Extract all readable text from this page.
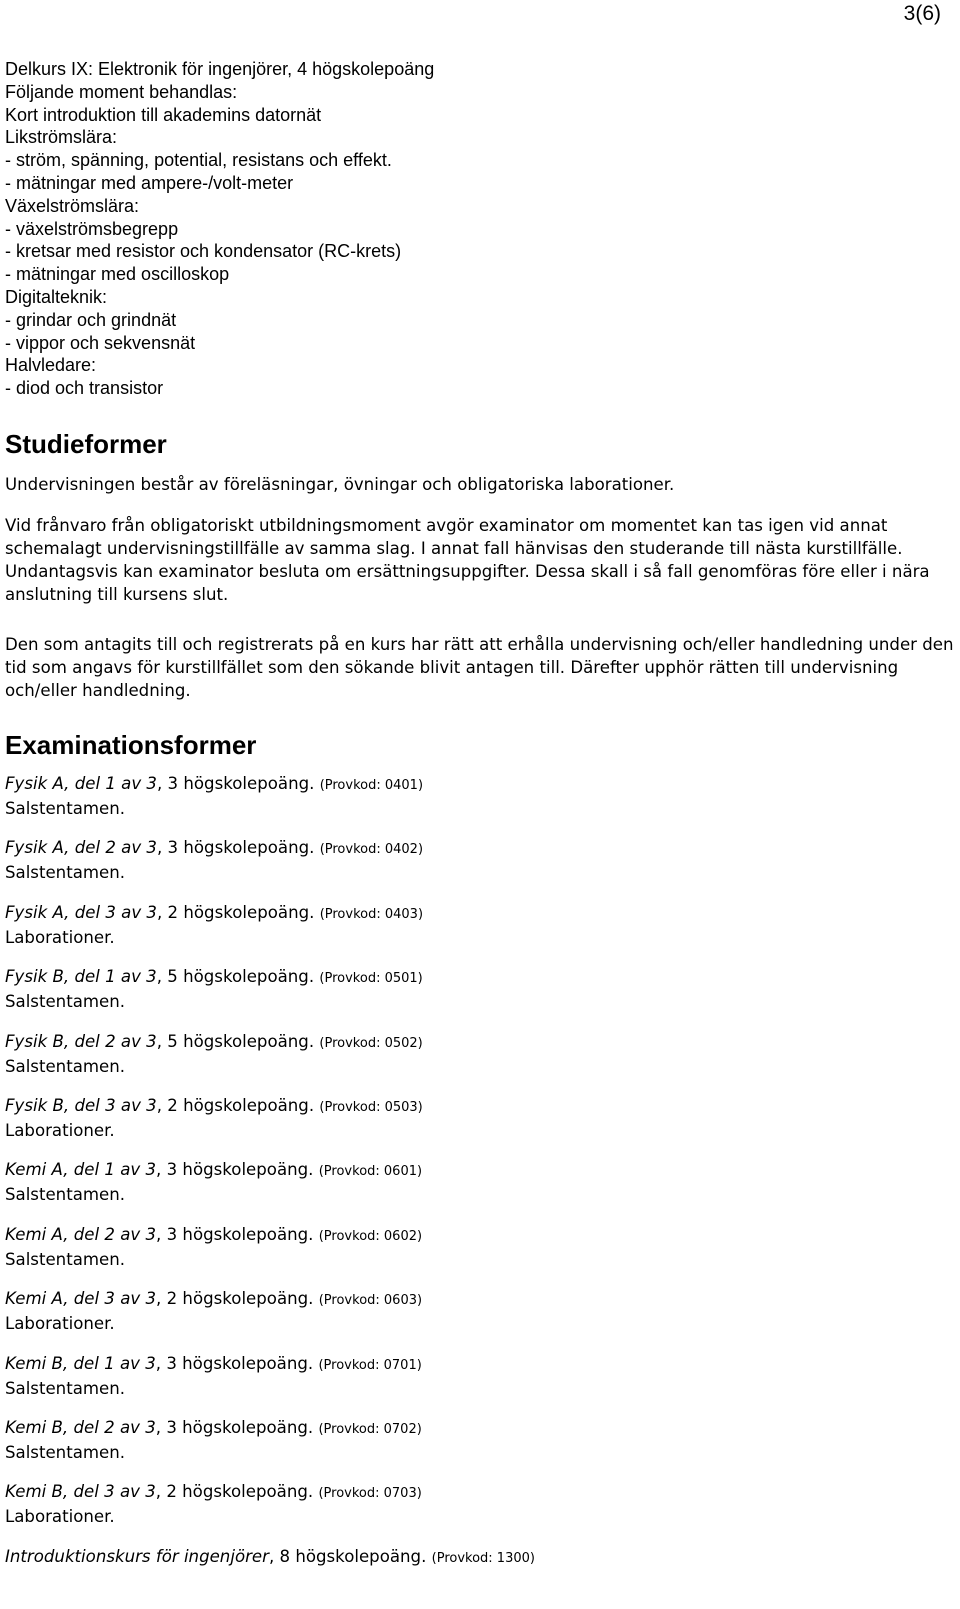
3(6)
Delkurs IX: Elektronik för ingenjörer, 4 högskolepoäng
Följande moment behandlas:
Kort introduktion till akademins datornät
Likströmslära:
- ström, spänning, potential, resistans och effekt.
- mätningar med ampere-/volt-meter
Växelströmslära:
- växelströmsbegrepp
- kretsar med resistor och kondensator (RC-krets)
- mätningar med oscilloskop
Digitalteknik:
- grindar och grindnät
- vippor och sekvensnät
Halvledare:
- diod och transistor
Studieformer
Undervisningen består av föreläsningar, övningar och obligatoriska laborationer.
Vid frånvaro från obligatoriskt utbildningsmoment avgör examinator om momentet kan tas igen vid annat schemalagt undervisningstillfälle av samma slag. I annat fall hänvisas den studerande till nästa kurstillfälle. Undantagsvis kan examinator besluta om ersättningsuppgifter. Dessa skall i så fall genomföras före eller i nära anslutning till kursens slut.
Den som antagits till och registrerats på en kurs har rätt att erhålla undervisning och/eller handledning under den tid som angavs för kurstillfället som den sökande blivit antagen till. Därefter upphör rätten till undervisning och/eller handledning.
Examinationsformer
Fysik A, del 1 av 3, 3 högskolepoäng. (Provkod: 0401)
Salstentamen.
Fysik A, del 2 av 3, 3 högskolepoäng. (Provkod: 0402)
Salstentamen.
Fysik A, del 3 av 3, 2 högskolepoäng. (Provkod: 0403)
Laborationer.
Fysik B, del 1 av 3, 5 högskolepoäng. (Provkod: 0501)
Salstentamen.
Fysik B, del 2 av 3, 5 högskolepoäng. (Provkod: 0502)
Salstentamen.
Fysik B, del 3 av 3, 2 högskolepoäng. (Provkod: 0503)
Laborationer.
Kemi A, del 1 av 3, 3 högskolepoäng. (Provkod: 0601)
Salstentamen.
Kemi A, del 2 av 3, 3 högskolepoäng. (Provkod: 0602)
Salstentamen.
Kemi A, del 3 av 3, 2 högskolepoäng. (Provkod: 0603)
Laborationer.
Kemi B, del 1 av 3, 3 högskolepoäng. (Provkod: 0701)
Salstentamen.
Kemi B, del 2 av 3, 3 högskolepoäng. (Provkod: 0702)
Salstentamen.
Kemi B, del 3 av 3, 2 högskolepoäng. (Provkod: 0703)
Laborationer.
Introduktionskurs för ingenjörer, 8 högskolepoäng. (Provkod: 1300)
